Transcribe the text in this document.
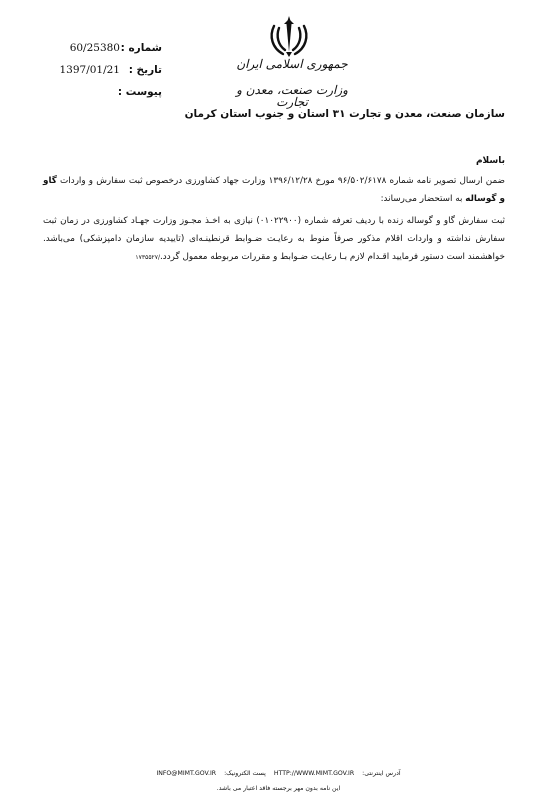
جمهوری اسلامی ایران
وزارت صنعت، معدن و تجارت
شماره :
60/25380
تاریخ :
1397/01/21
پیوست :
سازمان صنعت، معدن و تجارت ۳۱ استان و جنوب استان کرمان
باسلام
ضمن ارسال تصویر نامه شماره ۹۶/۵۰۲/۶۱۷۸ مورخ ۱۳۹۶/۱۲/۲۸ وزارت جهاد کشاورزی درخصوص ثبت سفارش و واردات گاو و گوساله به استحضار می‌رساند:
ثبت سفارش گاو و گوساله زنده با ردیف تعرفه شماره (۰۱۰۲۲۹۰۰) نیازی به اخـذ مجـوز وزارت جهـاد کشاورزی در زمان ثبت سفارش نداشته و واردات اقلام مذکور صرفاً منوط به رعایـت ضـوابط قرنطینـه‌ای (تاییدیه سازمان دامپزشکی) می‌باشد. خواهشمند است دستور فرمایید اقـدام لازم بـا رعایـت ضـوابط و مقررات مربوطه معمول گردد./۱۷۳۵۵۲۷
آدرس اینترنتی:HTTP://WWW.MIMT.GOV.IRپست الکترونیک:INFO@MIMT.GOV.IR
این نامه بدون مهر برجسته فاقد اعتبار می باشد.
